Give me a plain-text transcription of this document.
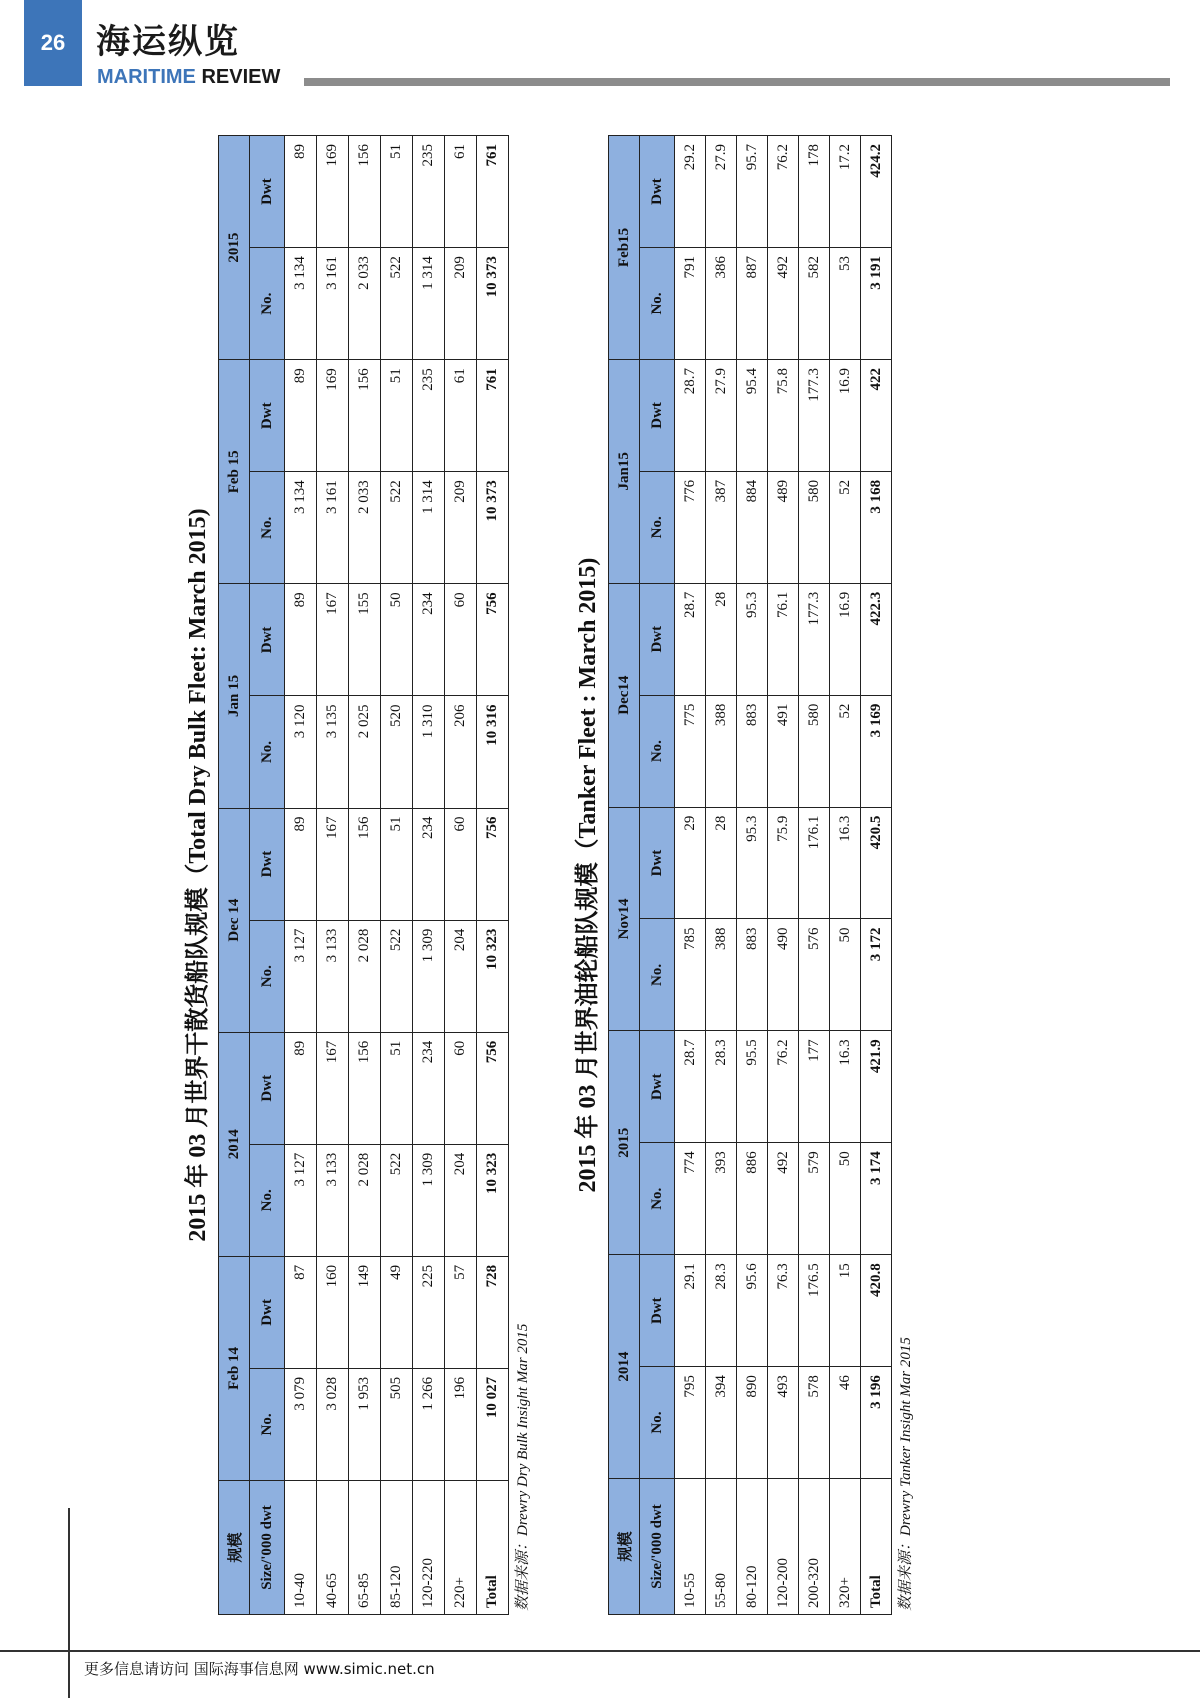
26 海运纵览
MARITIME REVIEW
2015 年 03 月世界干散货船队规模（Total Dry Bulk Fleet: March 2015)
规模	Feb 14		2014		Dec 14		Jan 15		Feb 15		2015	
Size/'000 dwt	No.	Dwt	No.	Dwt	No.	Dwt	No.	Dwt	No.	Dwt	No.	Dwt
10-40	3 079	87	3 127	89	3 127	89	3 120	89	3 134	89	3 134	89
40-65	3 028	160	3 133	167	3 133	167	3 135	167	3 161	169	3 161	169
65-85	1 953	149	2 028	156	2 028	156	2 025	155	2 033	156	2 033	156
85-120	505	49	522	51	522	51	520	50	522	51	522	51
120-220	1 266	225	1 309	234	1 309	234	1 310	234	1 314	235	1 314	235
220+	196	57	204	60	204	60	206	60	209	61	209	61
Total	10 027	728	10 323	756	10 323	756	10 316	756	10 373	761	10 373	761
数据来源：Drewry Dry Bulk Insight Mar 2015
2015 年 03 月世界油轮船队规模（Tanker Fleet : March 2015)
规模	2014		2015		Nov14		Dec14		Jan15		Feb15	
Size/'000 dwt	No.	Dwt	No.	Dwt	No.	Dwt	No.	Dwt	No.	Dwt	No.	Dwt
10-55	795	29.1	774	28.7	785	29	775	28.7	776	28.7	791	29.2
55-80	394	28.3	393	28.3	388	28	388	28	387	27.9	386	27.9
80-120	890	95.6	886	95.5	883	95.3	883	95.3	884	95.4	887	95.7
120-200	493	76.3	492	76.2	490	75.9	491	76.1	489	75.8	492	76.2
200-320	578	176.5	579	177	576	176.1	580	177.3	580	177.3	582	178
320+	46	15	50	16.3	50	16.3	52	16.9	52	16.9	53	17.2
Total	3 196	420.8	3 174	421.9	3 172	420.5	3 169	422.3	3 168	422	3 191	424.2
数据来源：Drewry Tanker Insight Mar 2015
更多信息请访问 国际海事信息网 www.simic.net.cn
